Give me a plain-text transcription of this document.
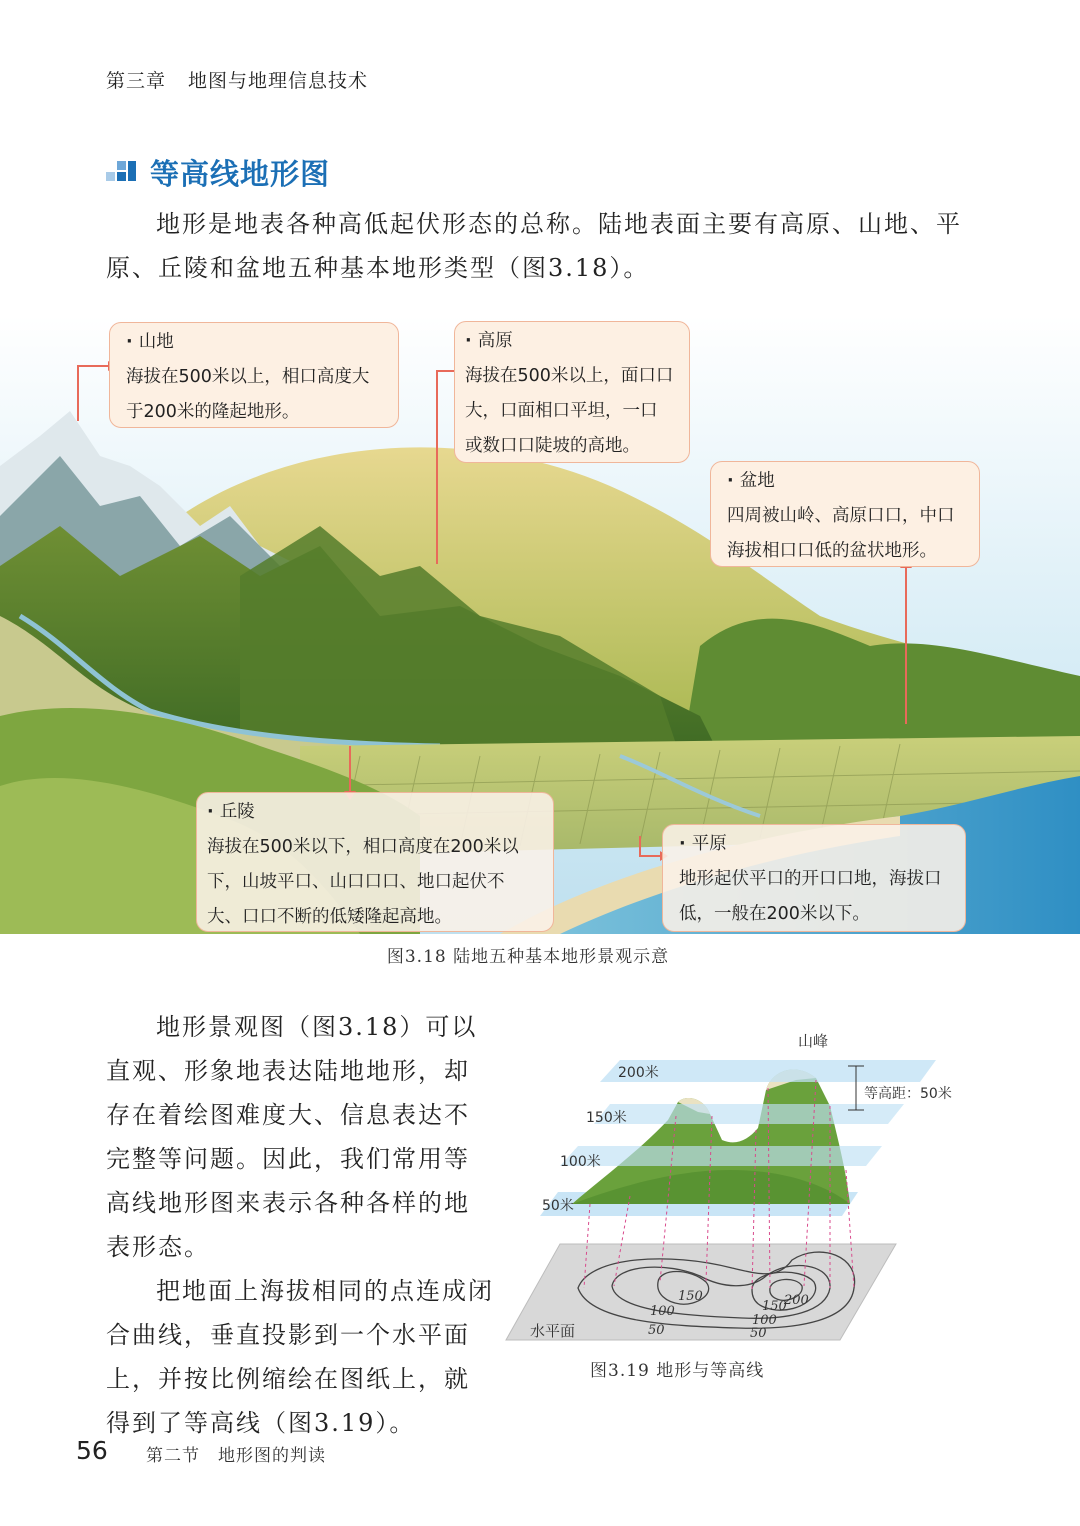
第三章 地图与地理信息技术
等高线地形图
地形是地表各种高低起伏形态的总称。陆地表面主要有高原、山地、平原、丘陵和盆地五种基本地形类型（图3.18）。
· 山地
海拔在500米以上，相口高度大
于200米的隆起地形。
· 高原
海拔在500米以上，面口口
大，口面相口平坦，一口
或数口口陡坡的高地。
· 盆地
四周被山岭、高原口口，中口
海拔相口口低的盆状地形。
· 丘陵
海拔在500米以下，相口高度在200米以
下，山坡平口、山口口口、地口起伏不
大、口口不断的低矮隆起高地。
· 平原
地形起伏平口的开口口地，海拔口
低，一般在200米以下。
图3.18 陆地五种基本地形景观示意

地形景观图（图3.18）可以直观、形象地表达陆地地形，却存在着绘图难度大、信息表达不完整等问题。因此，我们常用等高线地形图来表示各种各样的地表形态。

把地面上海拔相同的点连成闭合曲线，垂直投影到一个水平面上，并按比例缩绘在图纸上，就得到了等高线（图3.19）。

150
100
50
150
100
50
200
水平面
200米
150米
100米
50米
等高距：50米
山峰
图3.19 地形与等高线
56 第二节 地形图的判读
